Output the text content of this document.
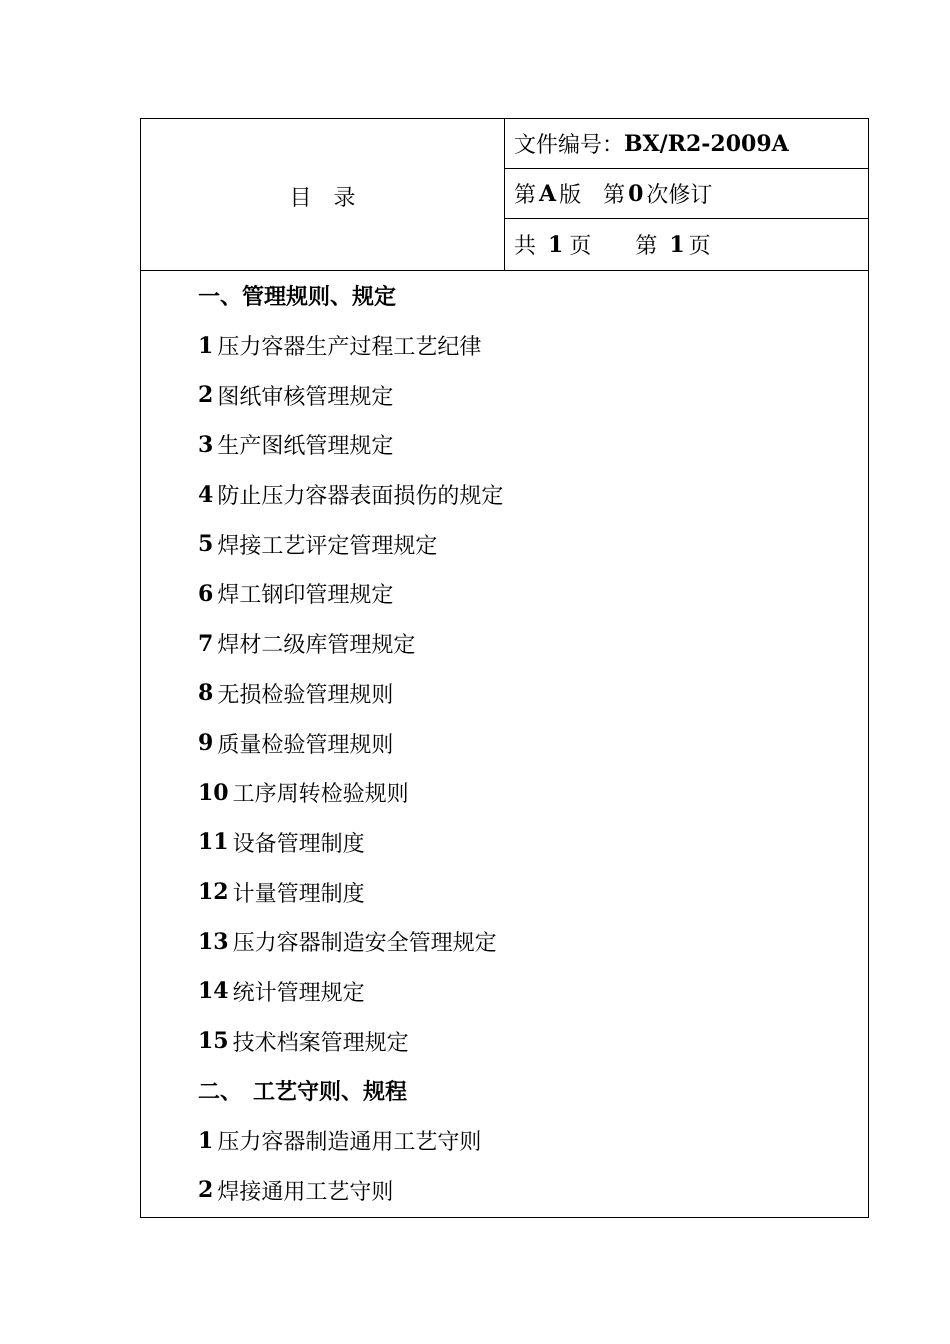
目　录
文件编号： BX/R2-2009A
第 A 版　第 0 次修订
共 1 页　　第 1 页
一、管理规则、规定
1 压力容器生产过程工艺纪律
2 图纸审核管理规定
3 生产图纸管理规定
4 防止压力容器表面损伤的规定
5 焊接工艺评定管理规定
6 焊工钢印管理规定
7 焊材二级库管理规定
8 无损检验管理规则
9 质量检验管理规则
10 工序周转检验规则
11 设备管理制度
12 计量管理制度
13 压力容器制造安全管理规定
14 统计管理规定
15 技术档案管理规定
二、　工艺守则、规程
1 压力容器制造通用工艺守则
2 焊接通用工艺守则
